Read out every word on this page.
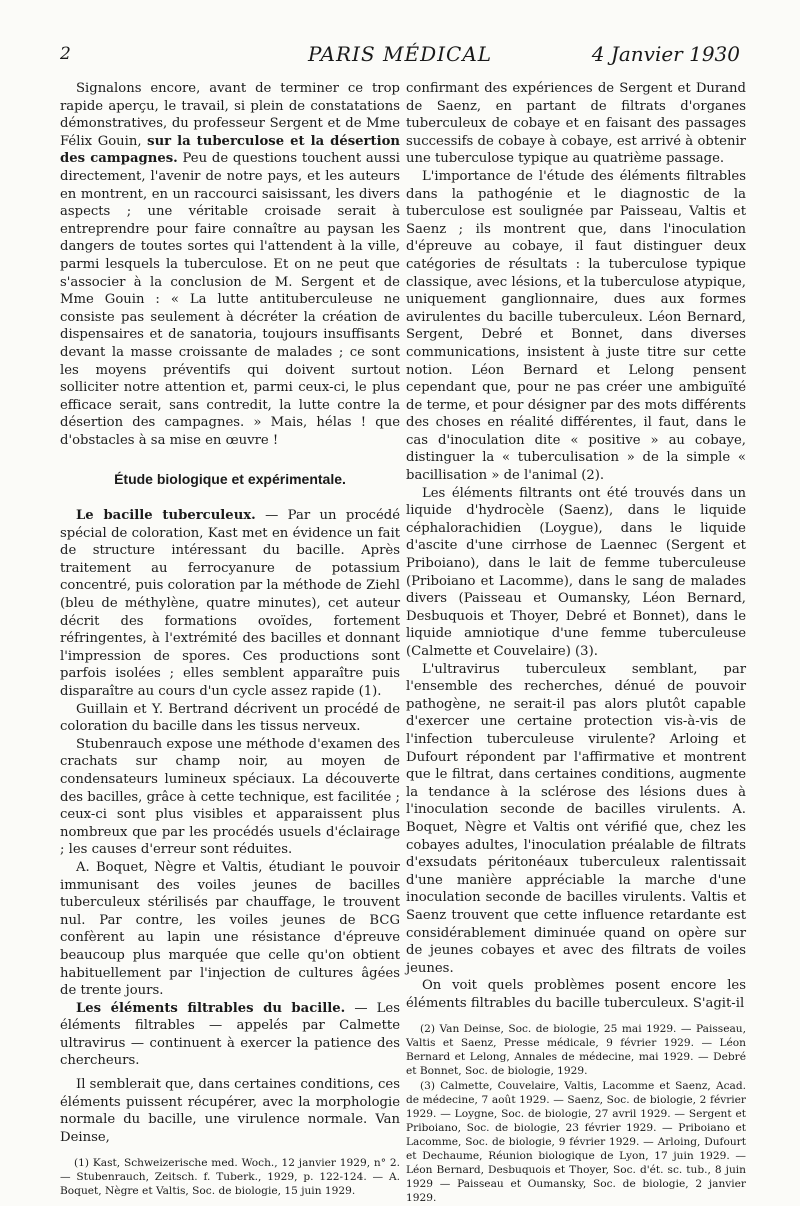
2	PARIS MÉDICAL	4 Janvier 1930

Signalons encore, avant de terminer ce trop rapide aperçu, le travail, si plein de constatations démonstratives, du professeur Sergent et de Mme Félix Gouin, sur la tuberculose et la désertion des campagnes. Peu de questions touchent aussi directement, l'avenir de notre pays, et les auteurs en montrent, en un raccourci saisissant, les divers aspects ; une véritable croisade serait à entreprendre pour faire connaître au paysan les dangers de toutes sortes qui l'attendent à la ville, parmi lesquels la tuberculose. Et on ne peut que s'associer à la conclusion de M. Sergent et de Mme Gouin : « La lutte antituberculeuse ne consiste pas seulement à décréter la création de dispensaires et de sanatoria, toujours insuffisants devant la masse croissante de malades ; ce sont les moyens préventifs qui doivent surtout solliciter notre attention et, parmi ceux-ci, le plus efficace serait, sans contredit, la lutte contre la désertion des campagnes. » Mais, hélas ! que d'obstacles à sa mise en œuvre !

Étude biologique et expérimentale.

Le bacille tuberculeux. — Par un procédé spécial de coloration, Kast met en évidence un fait de structure intéressant du bacille. Après traitement au ferrocyanure de potassium concentré, puis coloration par la méthode de Ziehl (bleu de méthylène, quatre minutes), cet auteur décrit des formations ovoïdes, fortement réfringentes, à l'extrémité des bacilles et donnant l'impression de spores. Ces productions sont parfois isolées ; elles semblent apparaître puis disparaître au cours d'un cycle assez rapide (1).

Guillain et Y. Bertrand décrivent un procédé de coloration du bacille dans les tissus nerveux.

Stubenrauch expose une méthode d'examen des crachats sur champ noir, au moyen de condensateurs lumineux spéciaux. La découverte des bacilles, grâce à cette technique, est facilitée ; ceux-ci sont plus visibles et apparaissent plus nombreux que par les procédés usuels d'éclairage ; les causes d'erreur sont réduites.

A. Boquet, Nègre et Valtis, étudiant le pouvoir immunisant des voiles jeunes de bacilles tuberculeux stérilisés par chauffage, le trouvent nul. Par contre, les voiles jeunes de BCG confèrent au lapin une résistance d'épreuve beaucoup plus marquée que celle qu'on obtient habituellement par l'injection de cultures âgées de trente jours.

Les éléments filtrables du bacille. — Les éléments filtrables — appelés par Calmette ultravirus — continuent à exercer la patience des chercheurs.

Il semblerait que, dans certaines conditions, ces éléments puissent récupérer, avec la morphologie normale du bacille, une virulence normale. Van Deinse,

(1) Kast, Schweizerische med. Woch., 12 janvier 1929, n° 2. — Stubenrauch, Zeitsch. f. Tuberk., 1929, p. 122-124. — A. Boquet, Nègre et Valtis, Soc. de biologie, 15 juin 1929.

confirmant des expériences de Sergent et Durand de Saenz, en partant de filtrats d'organes tuberculeux de cobaye et en faisant des passages successifs de cobaye à cobaye, est arrivé à obtenir une tuberculose typique au quatrième passage.

L'importance de l'étude des éléments filtrables dans la pathogénie et le diagnostic de la tuberculose est soulignée par Paisseau, Valtis et Saenz ; ils montrent que, dans l'inoculation d'épreuve au cobaye, il faut distinguer deux catégories de résultats : la tuberculose typique classique, avec lésions, et la tuberculose atypique, uniquement ganglionnaire, dues aux formes avirulentes du bacille tuberculeux. Léon Bernard, Sergent, Debré et Bonnet, dans diverses communications, insistent à juste titre sur cette notion. Léon Bernard et Lelong pensent cependant que, pour ne pas créer une ambiguïté de terme, et pour désigner par des mots différents des choses en réalité différentes, il faut, dans le cas d'inoculation dite « positive » au cobaye, distinguer la « tuberculisation » de la simple « bacillisation » de l'animal (2).

Les éléments filtrants ont été trouvés dans un liquide d'hydrocèle (Saenz), dans le liquide céphalorachidien (Loygue), dans le liquide d'ascite d'une cirrhose de Laennec (Sergent et Priboiano), dans le lait de femme tuberculeuse (Priboiano et Lacomme), dans le sang de malades divers (Paisseau et Oumansky, Léon Bernard, Desbuquois et Thoyer, Debré et Bonnet), dans le liquide amniotique d'une femme tuberculeuse (Calmette et Couvelaire) (3).

L'ultravirus tuberculeux semblant, par l'ensemble des recherches, dénué de pouvoir pathogène, ne serait-il pas alors plutôt capable d'exercer une certaine protection vis-à-vis de l'infection tuberculeuse virulente? Arloing et Dufourt répondent par l'affirmative et montrent que le filtrat, dans certaines conditions, augmente la tendance à la sclérose des lésions dues à l'inoculation seconde de bacilles virulents. A. Boquet, Nègre et Valtis ont vérifié que, chez les cobayes adultes, l'inoculation préalable de filtrats d'exsudats péritonéaux tuberculeux ralentissait d'une manière appréciable la marche d'une inoculation seconde de bacilles virulents. Valtis et Saenz trouvent que cette influence retardante est considérablement diminuée quand on opère sur de jeunes cobayes et avec des filtrats de voiles jeunes.

On voit quels problèmes posent encore les éléments filtrables du bacille tuberculeux. S'agit-il

(2) Van Deinse, Soc. de biologie, 25 mai 1929. — Paisseau, Valtis et Saenz, Presse médicale, 9 février 1929. — Léon Bernard et Lelong, Annales de médecine, mai 1929. — Debré et Bonnet, Soc. de biologie, 1929.

(3) Calmette, Couvelaire, Valtis, Lacomme et Saenz, Acad. de médecine, 7 août 1929. — Saenz, Soc. de biologie, 2 février 1929. — Loygne, Soc. de biologie, 27 avril 1929. — Sergent et Priboiano, Soc. de biologie, 23 février 1929. — Priboiano et Lacomme, Soc. de biologie, 9 février 1929. — Arloing, Dufourt et Dechaume, Réunion biologique de Lyon, 17 juin 1929. — Léon Bernard, Desbuquois et Thoyer, Soc. d'ét. sc. tub., 8 juin 1929 — Paisseau et Oumansky, Soc. de biologie, 2 janvier 1929.
